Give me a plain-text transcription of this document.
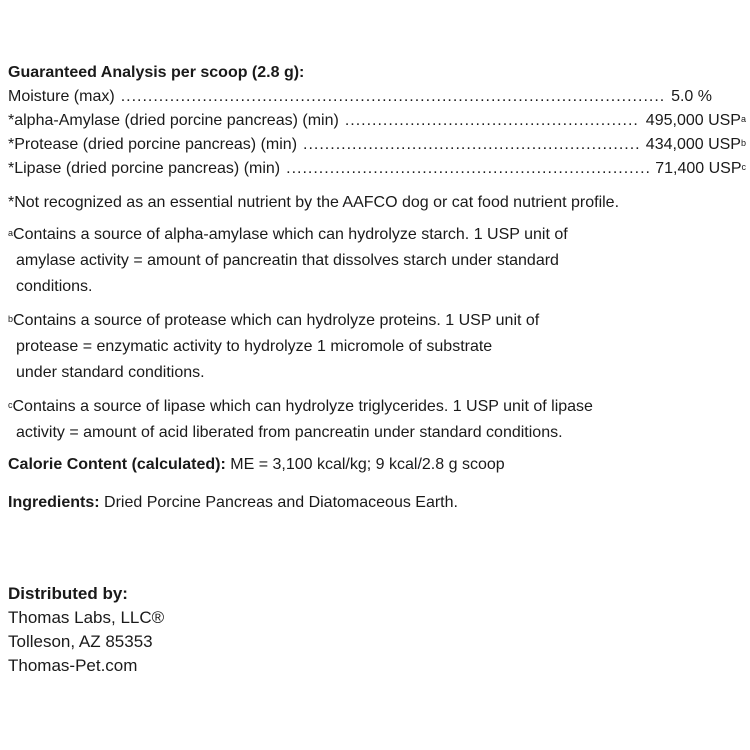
Guaranteed Analysis per scoop (2.8 g):
Moisture (max) .....	5.0 %
*alpha-Amylase (dried porcine pancreas) (min) .....	495,000 USP$^a$
*Protease (dried porcine pancreas) (min) .....	434,000 USP$^b$
*Lipase (dried porcine pancreas) (min) .....	71,400 USP$^c$
*Not recognized as an essential nutrient by the AAFCO dog or cat food nutrient profile.
$^a$Contains a source of alpha-amylase which can hydrolyze starch. 1 USP unit of
amylase activity = amount of pancreatin that dissolves starch under standard
conditions.
$^b$Contains a source of protease which can hydrolyze proteins. 1 USP unit of
protease = enzymatic activity to hydrolyze 1 micromole of substrate
under standard conditions.
$^c$Contains a source of lipase which can hydrolyze triglycerides. 1 USP unit of lipase
activity = amount of acid liberated from pancreatin under standard conditions.
Calorie Content (calculated): ME = 3,100 kcal/kg; 9 kcal/2.8 g scoop
Ingredients: Dried Porcine Pancreas and Diatomaceous Earth.
Distributed by:
Thomas Labs, LLC®
Tolleson, AZ 85353
Thomas-Pet.com
